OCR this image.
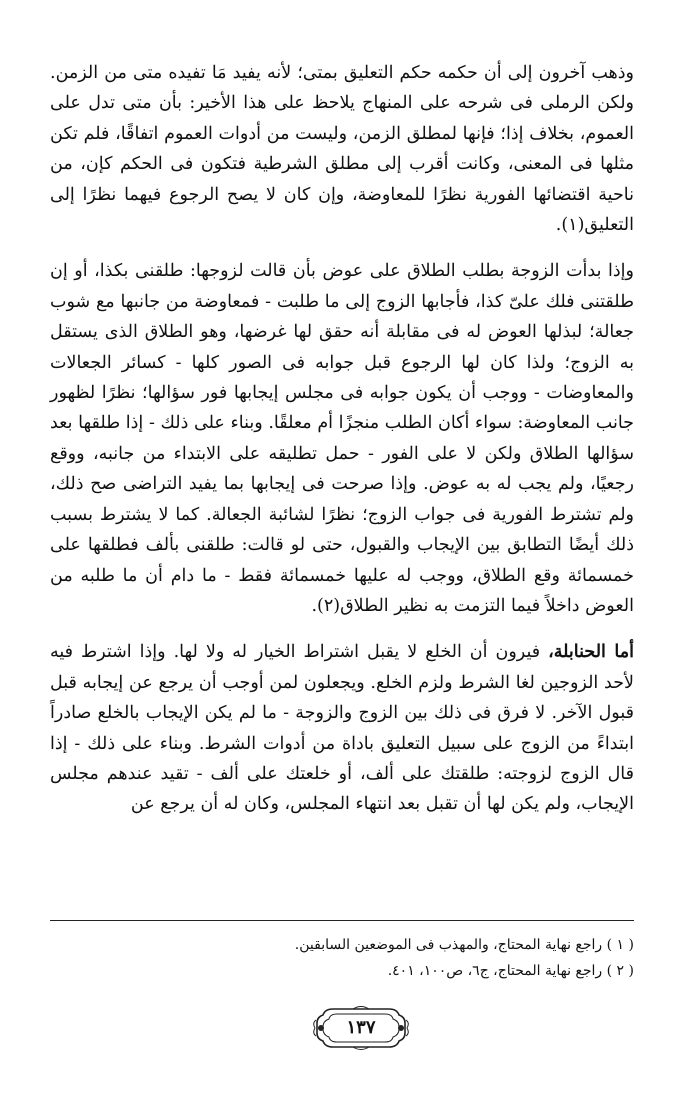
وذهب آخرون إلى أن حكمه حكم التعليق بمتى؛ لأنه يفيد مَا تفيده متى من الزمن. ولكن الرملى فى شرحه على المنهاج يلاحظ على هذا الأخير: بأن متى تدل على العموم، بخلاف إذا؛ فإنها لمطلق الزمن، وليست من أدوات العموم اتفاقًا، فلم تكن مثلها فى المعنى، وكانت أقرب إلى مطلق الشرطية فتكون فى الحكم كإن، من ناحية اقتضائها الفورية نظرًا للمعاوضة، وإن كان لا يصح الرجوع فيهما نظرًا إلى التعليق(١).

وإذا بدأت الزوجة بطلب الطلاق على عوض بأن قالت لزوجها: طلقنى بكذا، أو إن طلقتنى فلك علىّ كذا، فأجابها الزوج إلى ما طلبت - فمعاوضة من جانبها مع شوب جعالة؛ لبذلها العوض له فى مقابلة أنه حقق لها غرضها، وهو الطلاق الذى يستقل به الزوج؛ ولذا كان لها الرجوع قبل جوابه فى الصور كلها - كسائر الجعالات والمعاوضات - ووجب أن يكون جوابه فى مجلس إيجابها فور سؤالها؛ نظرًا لظهور جانب المعاوضة: سواء أكان الطلب منجزًا أم معلقًا. وبناء على ذلك - إذا طلقها بعد سؤالها الطلاق ولكن لا على الفور - حمل تطليقه على الابتداء من جانبه، ووقع رجعيًا، ولم يجب له به عوض. وإذا صرحت فى إيجابها بما يفيد التراضى صح ذلك، ولم تشترط الفورية فى جواب الزوج؛ نظرًا لشائبة الجعالة. كما لا يشترط بسبب ذلك أيضًا التطابق بين الإيجاب والقبول، حتى لو قالت: طلقنى بألف فطلقها على خمسمائة وقع الطلاق، ووجب له عليها خمسمائة فقط - ما دام أن ما طلبه من العوض داخلاً فيما التزمت به نظير الطلاق(٢).

أما الحنابلة، فيرون أن الخلع لا يقبل اشتراط الخيار له ولا لها. وإذا اشترط فيه لأحد الزوجين لغا الشرط ولزم الخلع. ويجعلون لمن أوجب أن يرجع عن إيجابه قبل قبول الآخر. لا فرق فى ذلك بين الزوج والزوجة - ما لم يكن الإيجاب بالخلع صادراً ابتداءً من الزوج على سبيل التعليق باداة من أدوات الشرط. وبناء على ذلك - إذا قال الزوج لزوجته: طلقتك على ألف، أو خلعتك على ألف - تقيد عندهم مجلس الإيجاب، ولم يكن لها أن تقبل بعد انتهاء المجلس، وكان له أن يرجع عن

( ١ ) راجع نهاية المحتاج، والمهذب فى الموضعين السابقين.

( ٢ ) راجع نهاية المحتاج، ج٦، ص١٠٠، ٤٠١.

١٣٧
